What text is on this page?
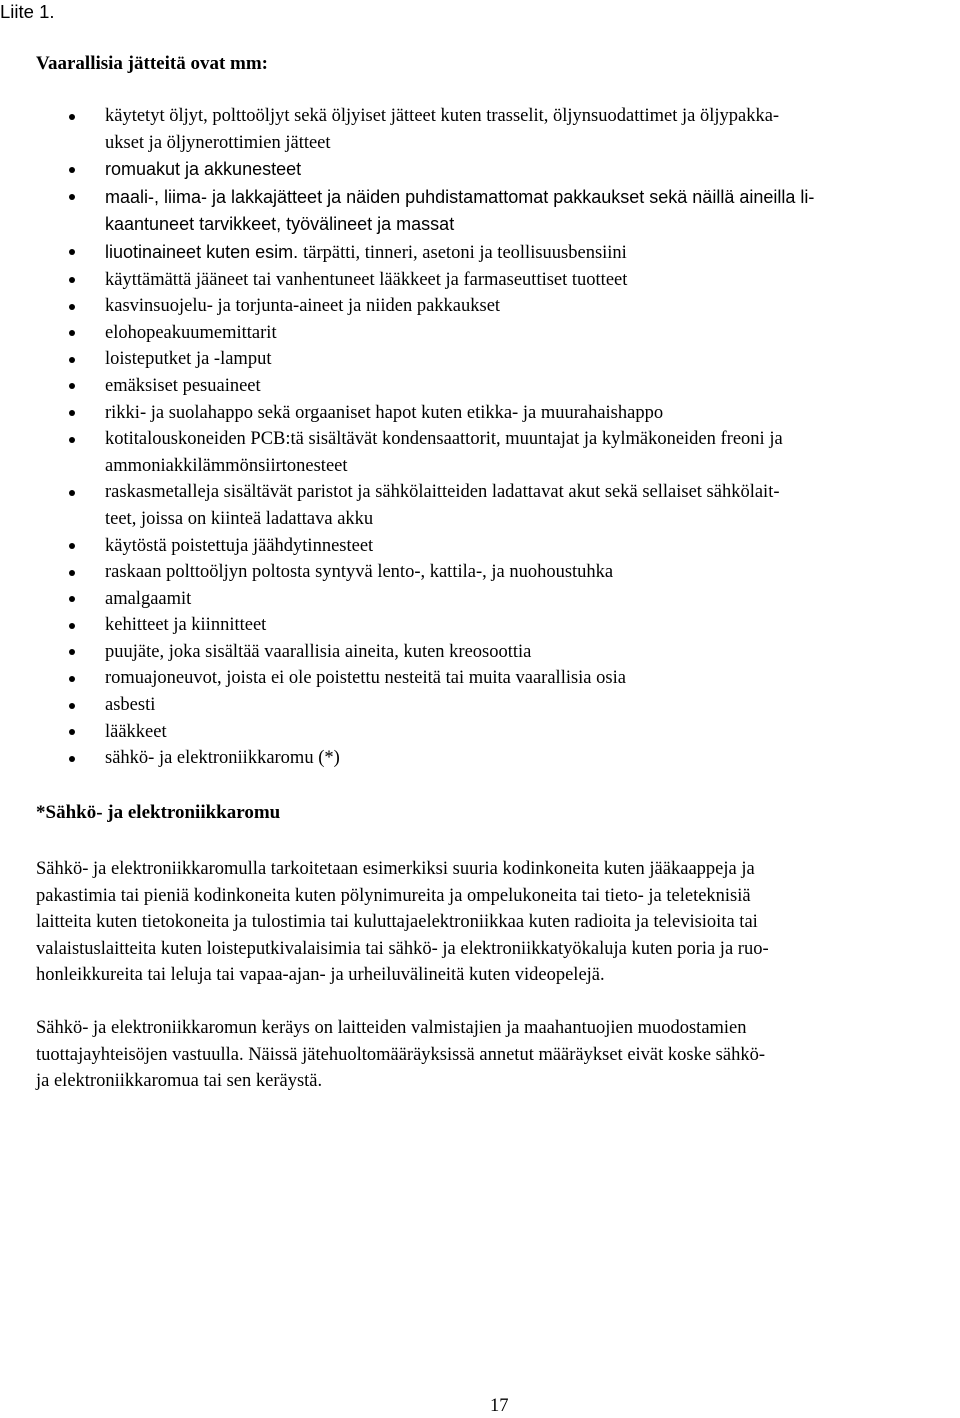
Liite 1.
Vaarallisia jätteitä ovat mm:
käytetyt öljyt, polttoöljyt sekä öljyiset jätteet kuten trasselit, öljynsuodattimet ja öljypakka-
ukset ja öljynerottimien jätteet
romuakut ja akkunesteet
maali-, liima- ja lakkajätteet ja näiden puhdistamattomat pakkaukset sekä näillä aineilla li-
kaantuneet tarvikkeet, työvälineet ja massat
liuotinaineet kuten esim. tärpätti, tinneri, asetoni ja teollisuusbensiini
käyttämättä jääneet tai vanhentuneet lääkkeet ja farmaseuttiset tuotteet
kasvinsuojelu- ja torjunta-aineet ja niiden pakkaukset
elohopeakuumemittarit
loisteputket ja -lamput
emäksiset pesuaineet
rikki- ja suolahappo sekä orgaaniset hapot kuten etikka- ja muurahaishappo
kotitalouskoneiden PCB:tä sisältävät kondensaattorit, muuntajat ja kylmäkoneiden freoni ja
ammoniakkilämmönsiirtonesteet
raskasmetalleja sisältävät paristot ja sähkölaitteiden ladattavat akut sekä sellaiset sähkölait-
teet, joissa on kiinteä ladattava akku
käytöstä poistettuja jäähdytinnesteet
raskaan polttoöljyn poltosta syntyvä lento-, kattila-, ja nuohoustuhka
amalgaamit
kehitteet ja kiinnitteet
puujäte, joka sisältää vaarallisia aineita, kuten kreosoottia
romuajoneuvot, joista ei ole poistettu nesteitä tai muita vaarallisia osia
asbesti
lääkkeet
sähkö- ja elektroniikkaromu (*)
*Sähkö- ja elektroniikkaromu

Sähkö- ja elektroniikkaromulla tarkoitetaan esimerkiksi suuria kodinkoneita kuten jääkaappeja ja
pakastimia tai pieniä kodinkoneita kuten pölynimureita ja ompelukoneita tai tieto- ja teleteknisiä
laitteita kuten tietokoneita ja tulostimia tai kuluttajaelektroniikkaa kuten radioita ja televisioita tai
valaistuslaitteita kuten loisteputkivalaisimia tai sähkö- ja elektroniikkatyökaluja kuten poria ja ruo-
honleikkureita tai leluja tai vapaa-ajan- ja urheiluvälineitä kuten videopelejä.

Sähkö- ja elektroniikkaromun keräys on laitteiden valmistajien ja maahantuojien muodostamien
tuottajayhteisöjen vastuulla. Näissä jätehuoltomääräyksissä annetut määräykset eivät koske sähkö-
ja elektroniikkaromua tai sen keräystä.

17
